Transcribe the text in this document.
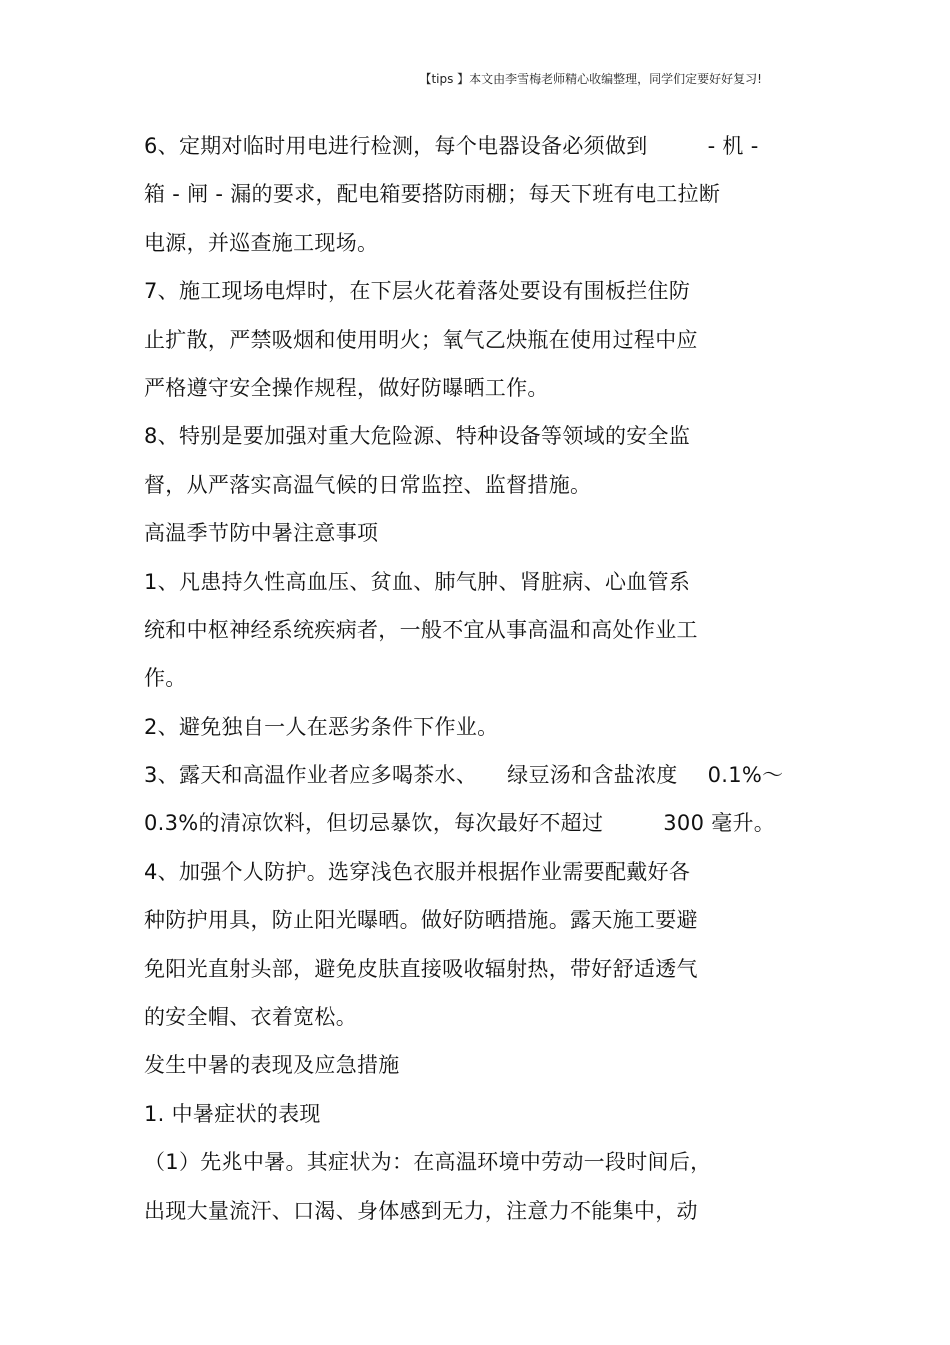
【tips 】本文由李雪梅老师精心收编整理，同学们定要好好复习!
6、定期对临时用电进行检测，每个电器设备必须做到	- 机 -
箱 - 闸 - 漏的要求，配电箱要搭防雨棚；每天下班有电工拉断
电源，并巡查施工现场。
7、施工现场电焊时，在下层火花着落处要设有围板拦住防
止扩散，严禁吸烟和使用明火；氧气乙炔瓶在使用过程中应
严格遵守安全操作规程，做好防曝晒工作。
8、特别是要加强对重大危险源、特种设备等领域的安全监
督，从严落实高温气候的日常监控、监督措施。
高温季节防中暑注意事项
1、凡患持久性高血压、贫血、肺气肿、肾脏病、心血管系
统和中枢神经系统疾病者，一般不宜从事高温和高处作业工
作。
2、避免独自一人在恶劣条件下作业。
3、露天和高温作业者应多喝茶水、 绿豆汤和含盐浓度 0.1%～
0.3%的清凉饮料，但切忌暴饮，每次最好不超过	300 毫升。
4、加强个人防护。选穿浅色衣服并根据作业需要配戴好各
种防护用具，防止阳光曝晒。做好防晒措施。露天施工要避
免阳光直射头部，避免皮肤直接吸收辐射热，带好舒适透气
的安全帽、衣着宽松。
发生中暑的表现及应急措施
1. 中暑症状的表现
（1）先兆中暑。其症状为：在高温环境中劳动一段时间后，
出现大量流汗、口渴、身体感到无力，注意力不能集中，动
